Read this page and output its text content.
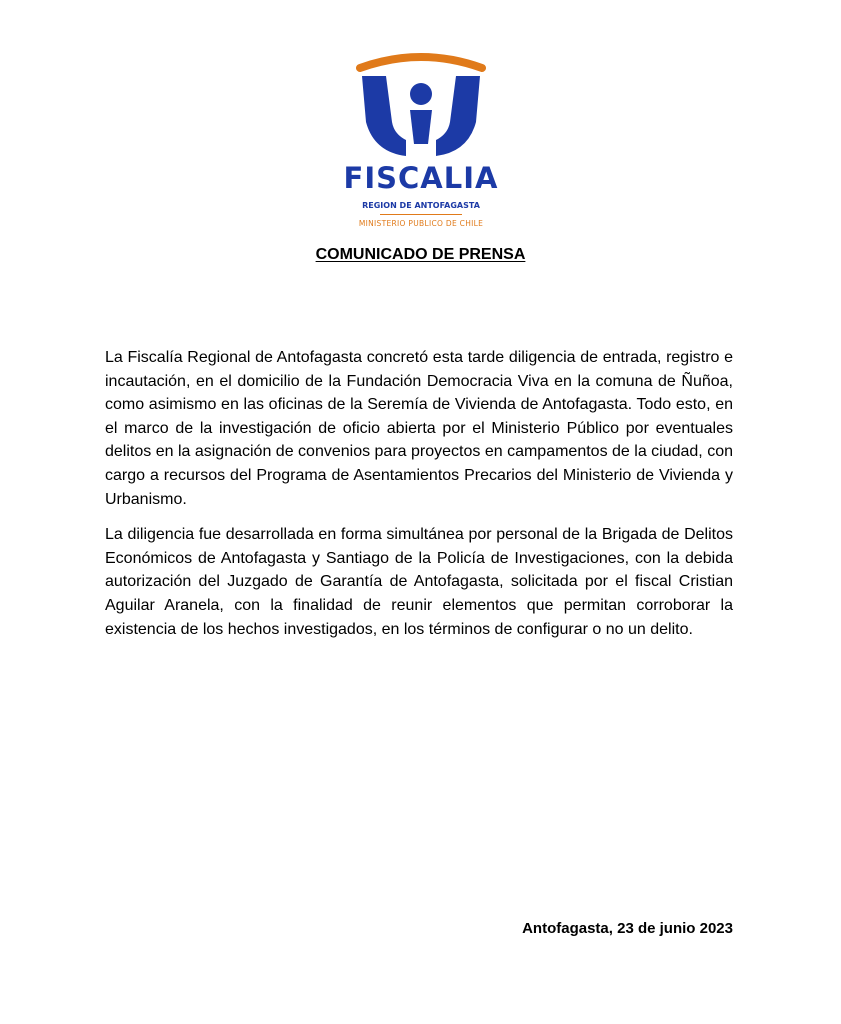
FISCALIA
REGION DE ANTOFAGASTA
MINISTERIO PUBLICO DE CHILE
COMUNICADO DE PRENSA

La Fiscalía Regional de Antofagasta concretó esta tarde diligencia de entrada, registro e incautación, en el domicilio de la Fundación Democracia Viva en la comuna de Ñuñoa, como asimismo en las oficinas de la Seremía de Vivienda de Antofagasta. Todo esto, en el marco de la investigación de oficio abierta por el Ministerio Público por eventuales delitos en la asignación de convenios para proyectos en campamentos de la ciudad, con cargo a recursos del Programa de Asentamientos Precarios del Ministerio de Vivienda y Urbanismo.

La diligencia fue desarrollada en forma simultánea por personal de la Brigada de Delitos Económicos de Antofagasta y Santiago de la Policía de Investigaciones, con la debida autorización del Juzgado de Garantía de Antofagasta, solicitada por el fiscal Cristian Aguilar Aranela, con la finalidad de reunir elementos que permitan corroborar la existencia de los hechos investigados, en los términos de configurar o no un delito.

Antofagasta, 23 de junio 2023
